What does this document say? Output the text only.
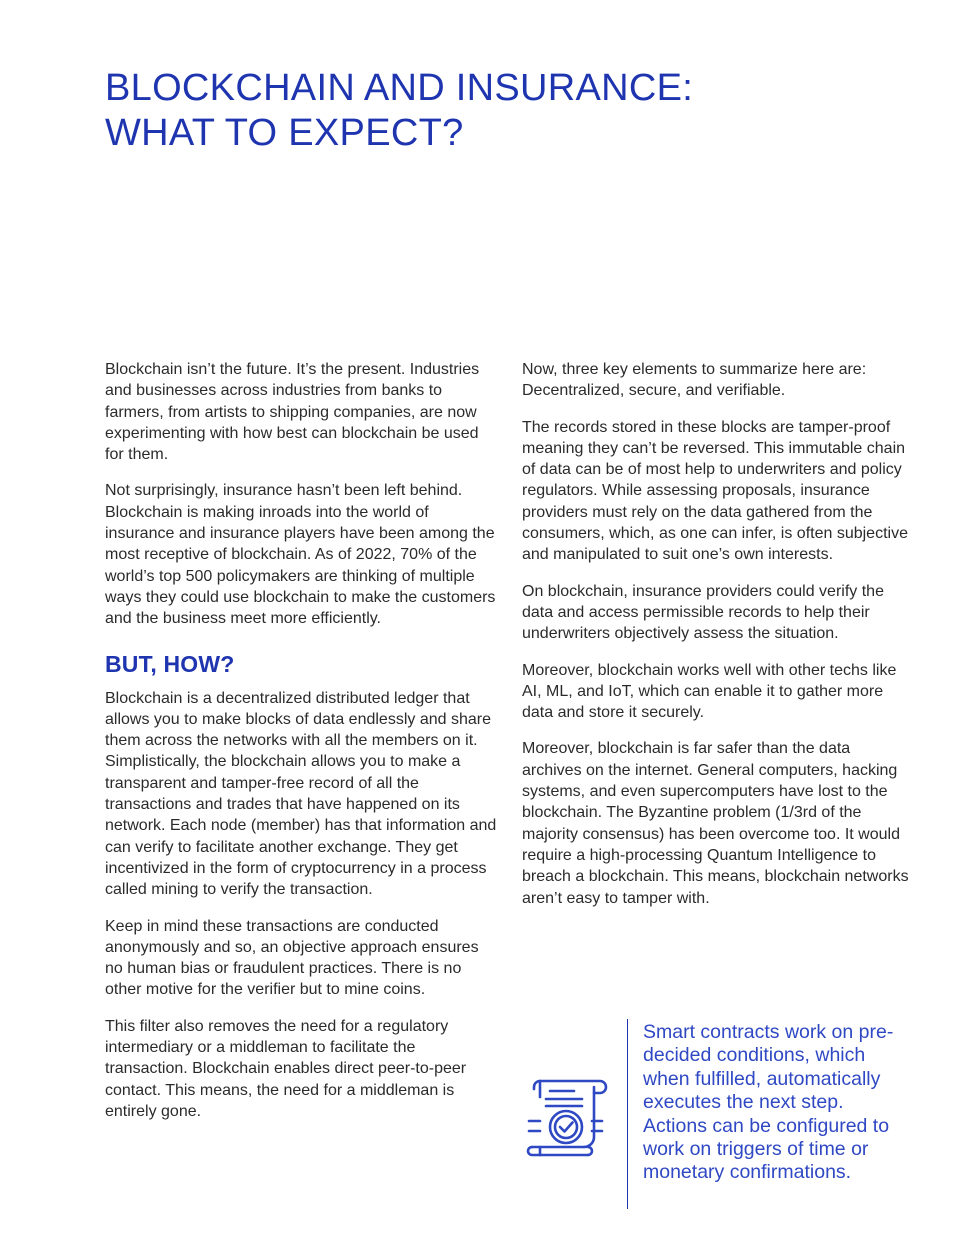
BLOCKCHAIN AND INSURANCE:
WHAT TO EXPECT?

Blockchain isn’t the future. It’s the present. Industries and businesses across industries from banks to farmers, from artists to shipping companies, are now experimenting with how best can blockchain be used for them.

Not surprisingly, insurance hasn’t been left behind. Blockchain is making inroads into the world of insurance and insurance players have been among the most receptive of blockchain. As of 2022, 70% of the world’s top 500 policymakers are thinking of multiple ways they could use blockchain to make the customers and the business meet more efficiently.

BUT, HOW?

Blockchain is a decentralized distributed ledger that allows you to make blocks of data endlessly and share them across the networks with all the members on it. Simplistically, the blockchain allows you to make a transparent and tamper-free record of all the transactions and trades that have happened on its network. Each node (member) has that information and can verify to facilitate another exchange. They get incentivized in the form of cryptocurrency in a process called mining to verify the transaction.

Keep in mind these transactions are conducted anonymously and so, an objective approach ensures no human bias or fraudulent practices. There is no other motive for the verifier but to mine coins.

This filter also removes the need for a regulatory intermediary or a middleman to facilitate the transaction. Blockchain enables direct peer-to-peer contact. This means, the need for a middleman is entirely gone.

Now, three key elements to summarize here are: Decentralized, secure, and verifiable.

The records stored in these blocks are tamper-proof meaning they can’t be reversed. This immutable chain of data can be of most help to underwriters and policy regulators. While assessing proposals, insurance providers must rely on the data gathered from the consumers, which, as one can infer, is often subjective and manipulated to suit one’s own interests.

On blockchain, insurance providers could verify the data and access permissible records to help their underwriters objectively assess the situation.

Moreover, blockchain works well with other techs like AI, ML, and IoT, which can enable it to gather more data and store it securely.

Moreover, blockchain is far safer than the data archives on the internet. General computers, hacking systems, and even supercomputers have lost to the blockchain. The Byzantine problem (1/3rd of the majority consensus) has been overcome too. It would require a high-processing Quantum Intelligence to breach a blockchain. This means, blockchain networks aren’t easy to tamper with.

Smart contracts work on pre-decided conditions, which when fulfilled, automatically executes the next step. Actions can be configured to work on triggers of time or monetary confirmations.
